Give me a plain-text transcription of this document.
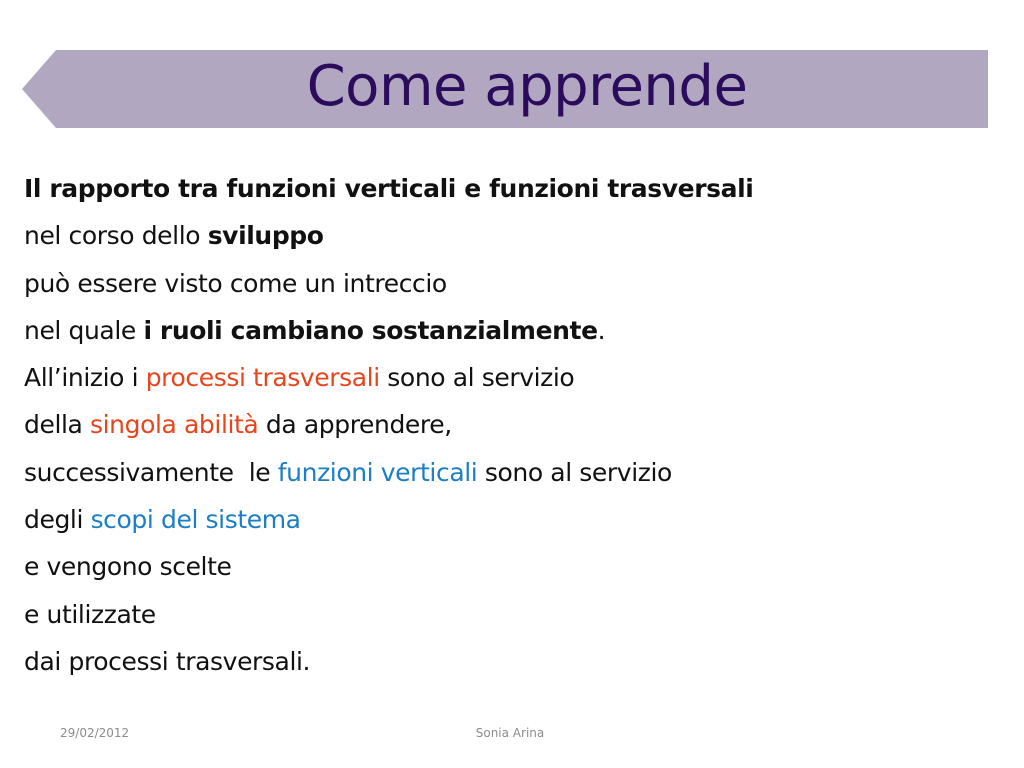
Come apprende
Il rapporto tra funzioni verticali e funzioni trasversali
nel corso dello sviluppo
può essere visto come un intreccio
nel quale i ruoli cambiano sostanzialmente.
All’inizio i processi trasversali sono al servizio
della singola abilità da apprendere,
successivamente  le funzioni verticali sono al servizio
degli scopi del sistema
e vengono scelte
e utilizzate
dai processi trasversali.
29/02/2012	Sonia Arina
